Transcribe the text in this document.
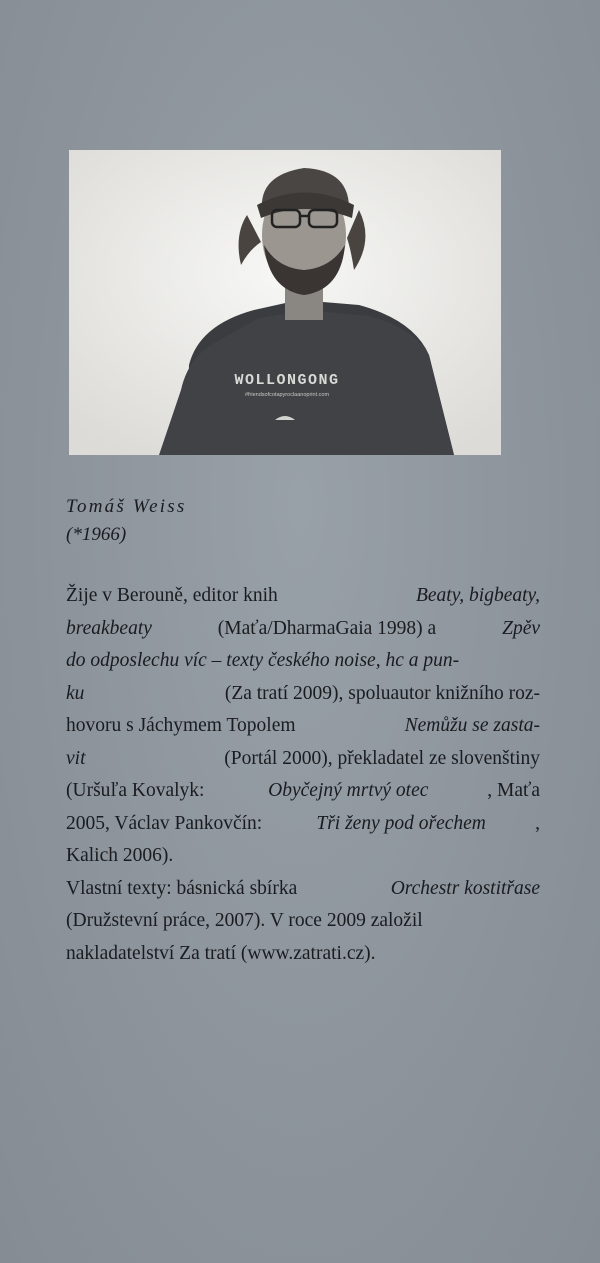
WOLLONGONG
#friendsofcotapyroclaanoprint.com

Tomáš Weiss

(*1966)

Žije v Berouně, editor knih	Beaty, bigbeaty,
breakbeaty	(Maťa/DharmaGaia 1998) a	Zpěv
do odposlechu víc – texty českého noise, hc a pun-
ku	(Za tratí 2009), spoluautor knižního roz-
hovoru s Jáchymem Topolem	Nemůžu se zasta-
vit	(Portál 2000), překladatel ze slovenštiny
(Uršuľa Kovalyk:	Obyčejný mrtvý otec	, Maťa
2005, Václav Pankovčín:	Tři ženy pod ořechem	,
Kalich 2006).
Vlastní texty: básnická sbírka	Orchestr kostitřase
(Družstevní práce, 2007). V roce 2009 založil
nakladatelství Za tratí (www.zatrati.cz).
